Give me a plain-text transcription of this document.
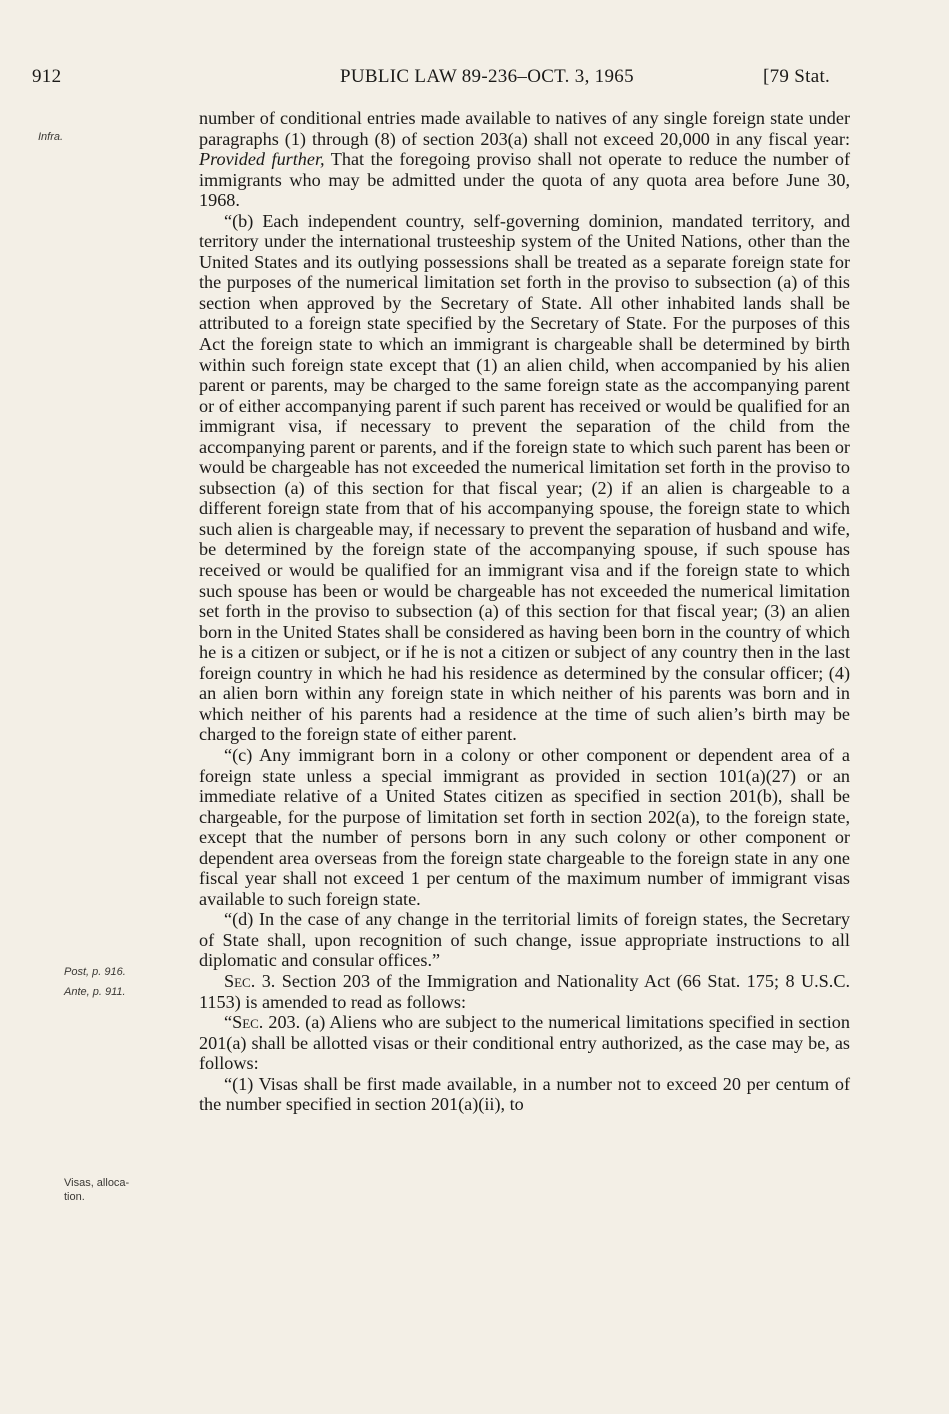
912	PUBLIC LAW 89-236–OCT. 3, 1965	[79 Stat.
Infra.
Post, p. 916.
Ante, p. 911.
Visas, alloca-
tion.

number of conditional entries made available to natives of any single foreign state under paragraphs (1) through (8) of section 203(a) shall not exceed 20,000 in any fiscal year: Provided further, That the foregoing proviso shall not operate to reduce the number of immigrants who may be admitted under the quota of any quota area before June 30, 1968.

“(b) Each independent country, self-governing dominion, mandated territory, and territory under the international trusteeship system of the United Nations, other than the United States and its outlying possessions shall be treated as a separate foreign state for the purposes of the numerical limitation set forth in the proviso to subsection (a) of this section when approved by the Secretary of State. All other inhabited lands shall be attributed to a foreign state specified by the Secretary of State. For the purposes of this Act the foreign state to which an immigrant is chargeable shall be determined by birth within such foreign state except that (1) an alien child, when accompanied by his alien parent or parents, may be charged to the same foreign state as the accompanying parent or of either accompanying parent if such parent has received or would be qualified for an immigrant visa, if necessary to prevent the separation of the child from the accompanying parent or parents, and if the foreign state to which such parent has been or would be chargeable has not exceeded the numerical limitation set forth in the proviso to subsection (a) of this section for that fiscal year; (2) if an alien is chargeable to a different foreign state from that of his accompanying spouse, the foreign state to which such alien is chargeable may, if necessary to prevent the separation of husband and wife, be determined by the foreign state of the accompanying spouse, if such spouse has received or would be qualified for an immigrant visa and if the foreign state to which such spouse has been or would be chargeable has not exceeded the numerical limitation set forth in the proviso to subsection (a) of this section for that fiscal year; (3) an alien born in the United States shall be considered as having been born in the country of which he is a citizen or subject, or if he is not a citizen or subject of any country then in the last foreign country in which he had his residence as determined by the consular officer; (4) an alien born within any foreign state in which neither of his parents was born and in which neither of his parents had a residence at the time of such alien’s birth may be charged to the foreign state of either parent.

“(c) Any immigrant born in a colony or other component or dependent area of a foreign state unless a special immigrant as provided in section 101(a)(27) or an immediate relative of a United States citizen as specified in section 201(b), shall be chargeable, for the purpose of limitation set forth in section 202(a), to the foreign state, except that the number of persons born in any such colony or other component or dependent area overseas from the foreign state chargeable to the foreign state in any one fiscal year shall not exceed 1 per centum of the maximum number of immigrant visas available to such foreign state.

“(d) In the case of any change in the territorial limits of foreign states, the Secretary of State shall, upon recognition of such change, issue appropriate instructions to all diplomatic and consular offices.”

Sec. 3. Section 203 of the Immigration and Nationality Act (66 Stat. 175; 8 U.S.C. 1153) is amended to read as follows:

“Sec. 203. (a) Aliens who are subject to the numerical limitations specified in section 201(a) shall be allotted visas or their conditional entry authorized, as the case may be, as follows:

“(1) Visas shall be first made available, in a number not to exceed 20 per centum of the number specified in section 201(a)(ii), to
